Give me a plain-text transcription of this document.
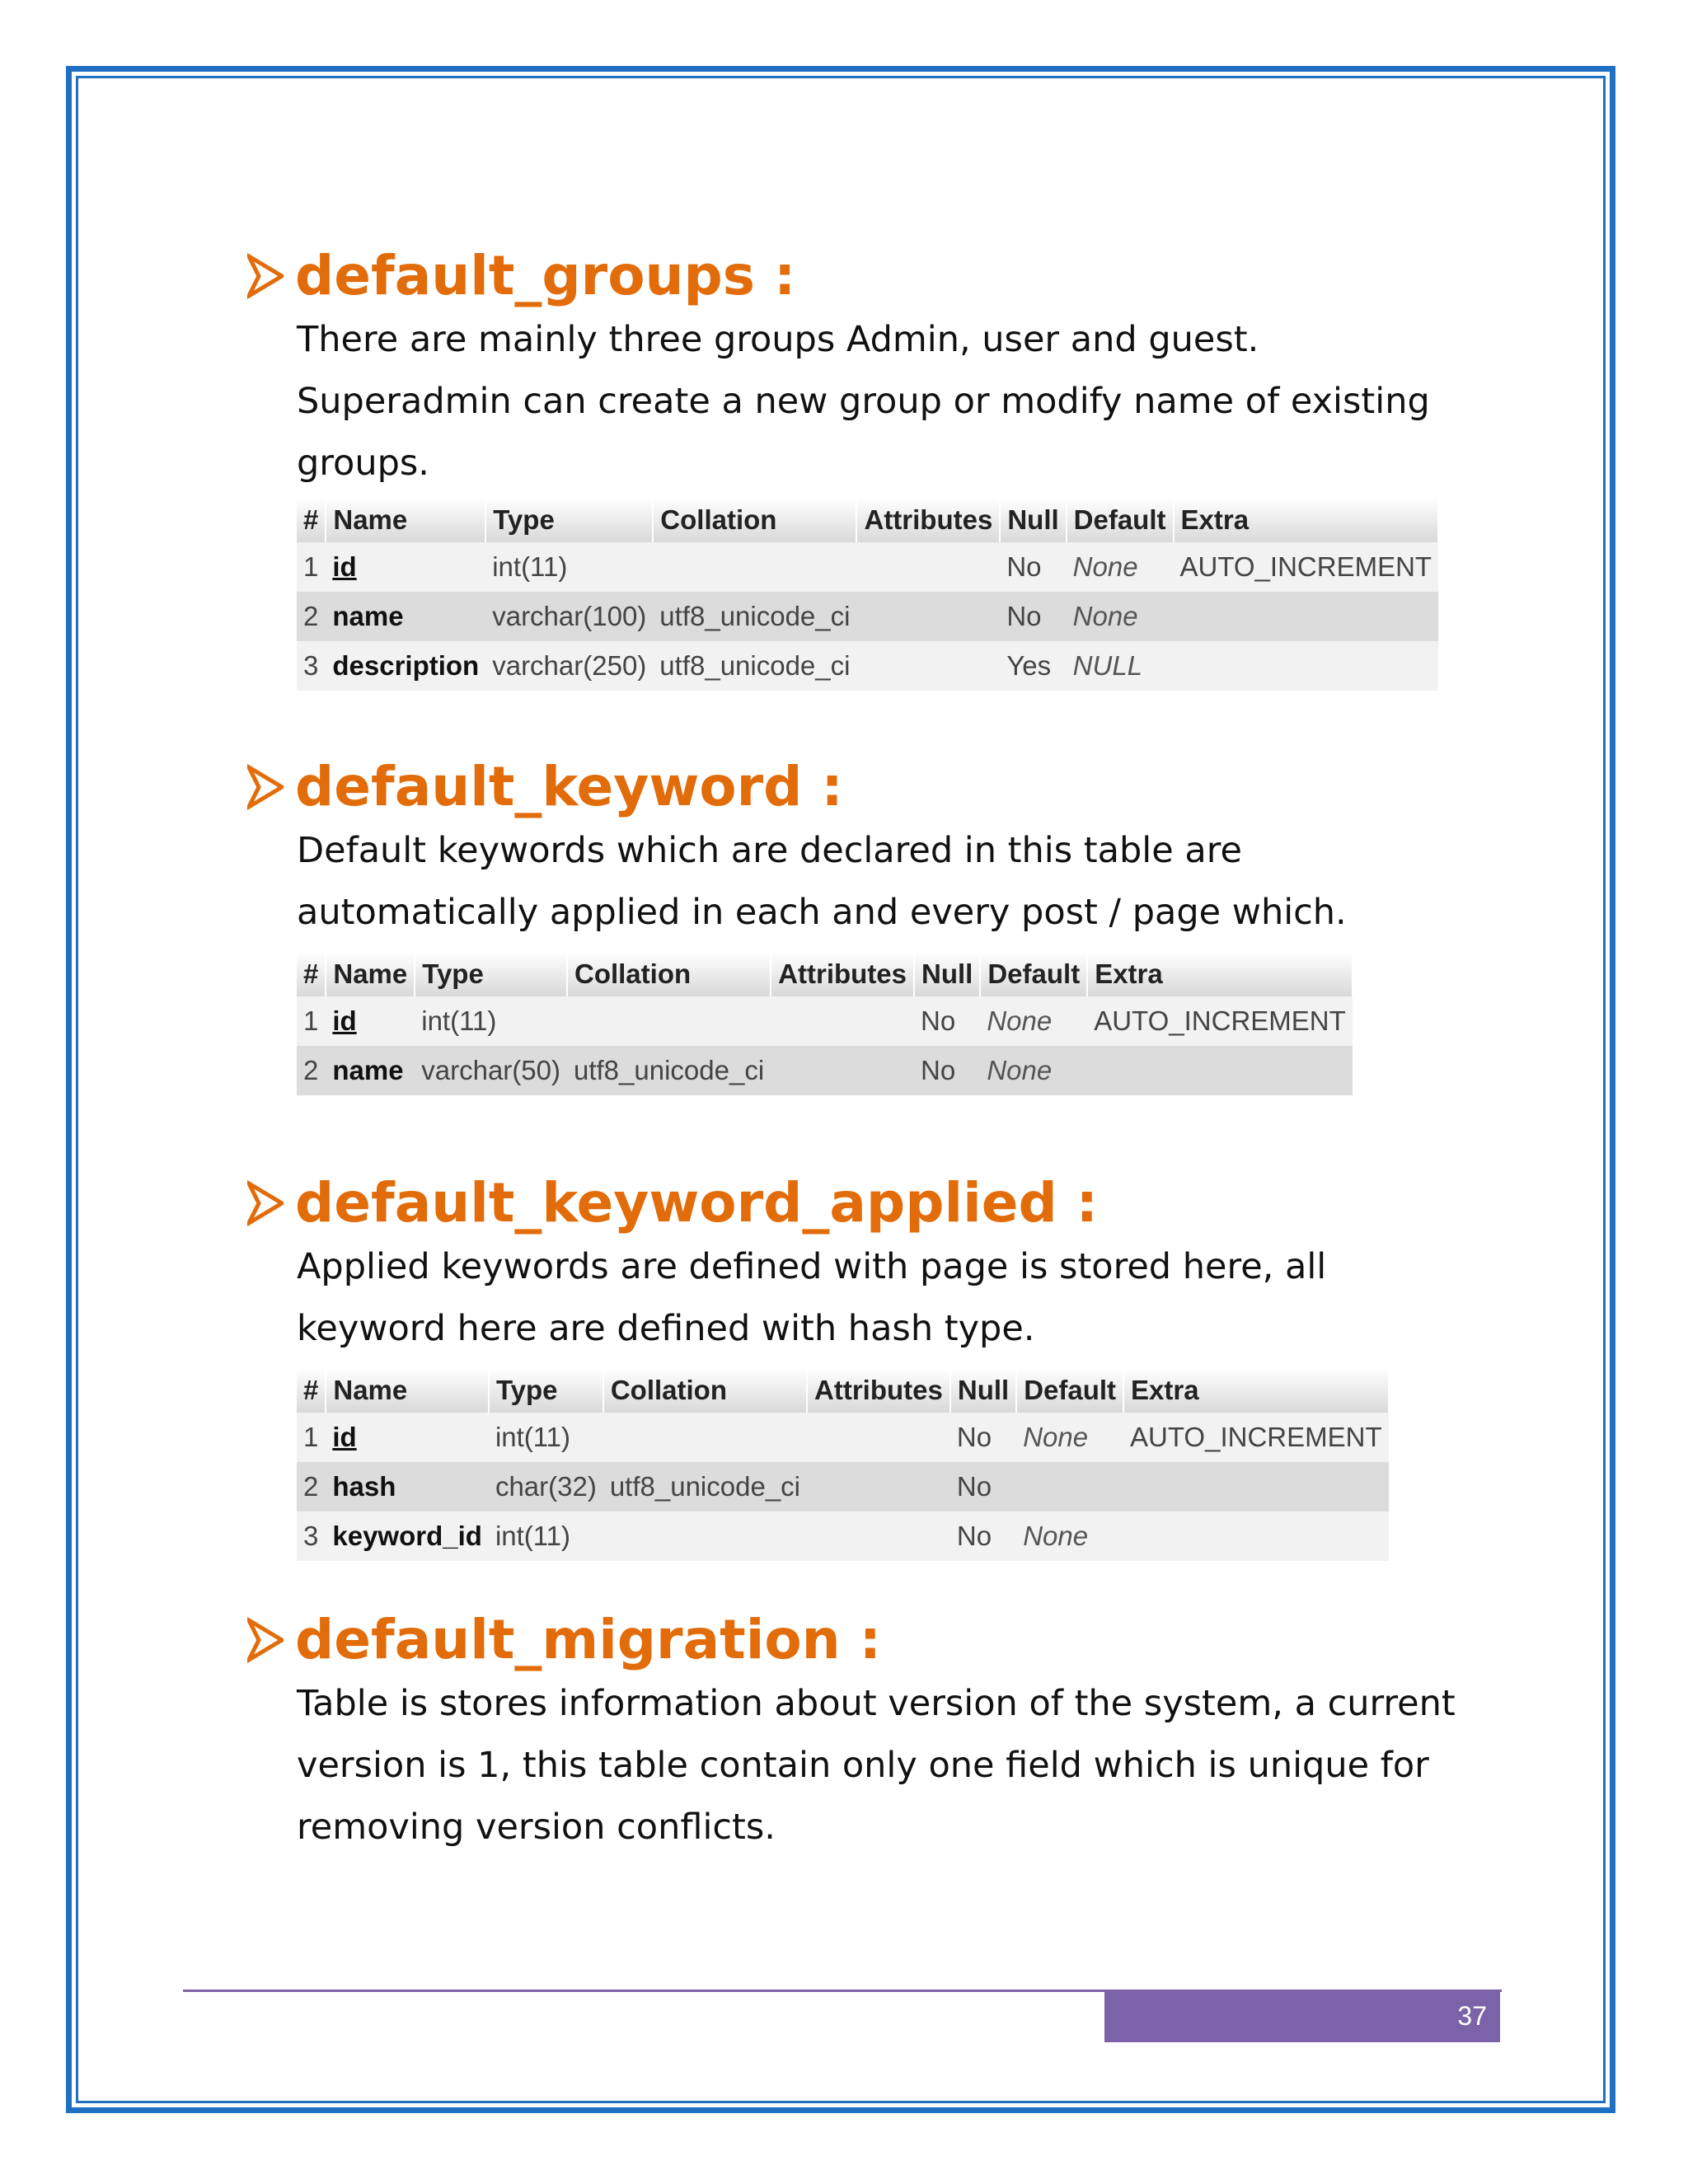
default_groups :
There are mainly three groups Admin, user and guest.
Superadmin can create a new group or modify name of existing
groups.
#	Name	Type	Collation	Attributes	Null	Default	Extra
1	id	int(11)			No	None	AUTO_INCREMENT
2	name	varchar(100)	utf8_unicode_ci		No	None	
3	description	varchar(250)	utf8_unicode_ci		Yes	NULL	
default_keyword :
Default keywords which are declared in this table are
automatically applied in each and every post / page which.
#	Name	Type	Collation	Attributes	Null	Default	Extra
1	id	int(11)			No	None	AUTO_INCREMENT
2	name	varchar(50)	utf8_unicode_ci		No	None	
default_keyword_applied :
Applied keywords are defined with page is stored here, all
keyword here are defined with hash type.
#	Name	Type	Collation	Attributes	Null	Default	Extra
1	id	int(11)			No	None	AUTO_INCREMENT
2	hash	char(32)	utf8_unicode_ci		No		
3	keyword_id	int(11)			No	None	
default_migration :
Table is stores information about version of the system, a current
version is 1, this table contain only one field which is unique for
removing version conflicts.
37
